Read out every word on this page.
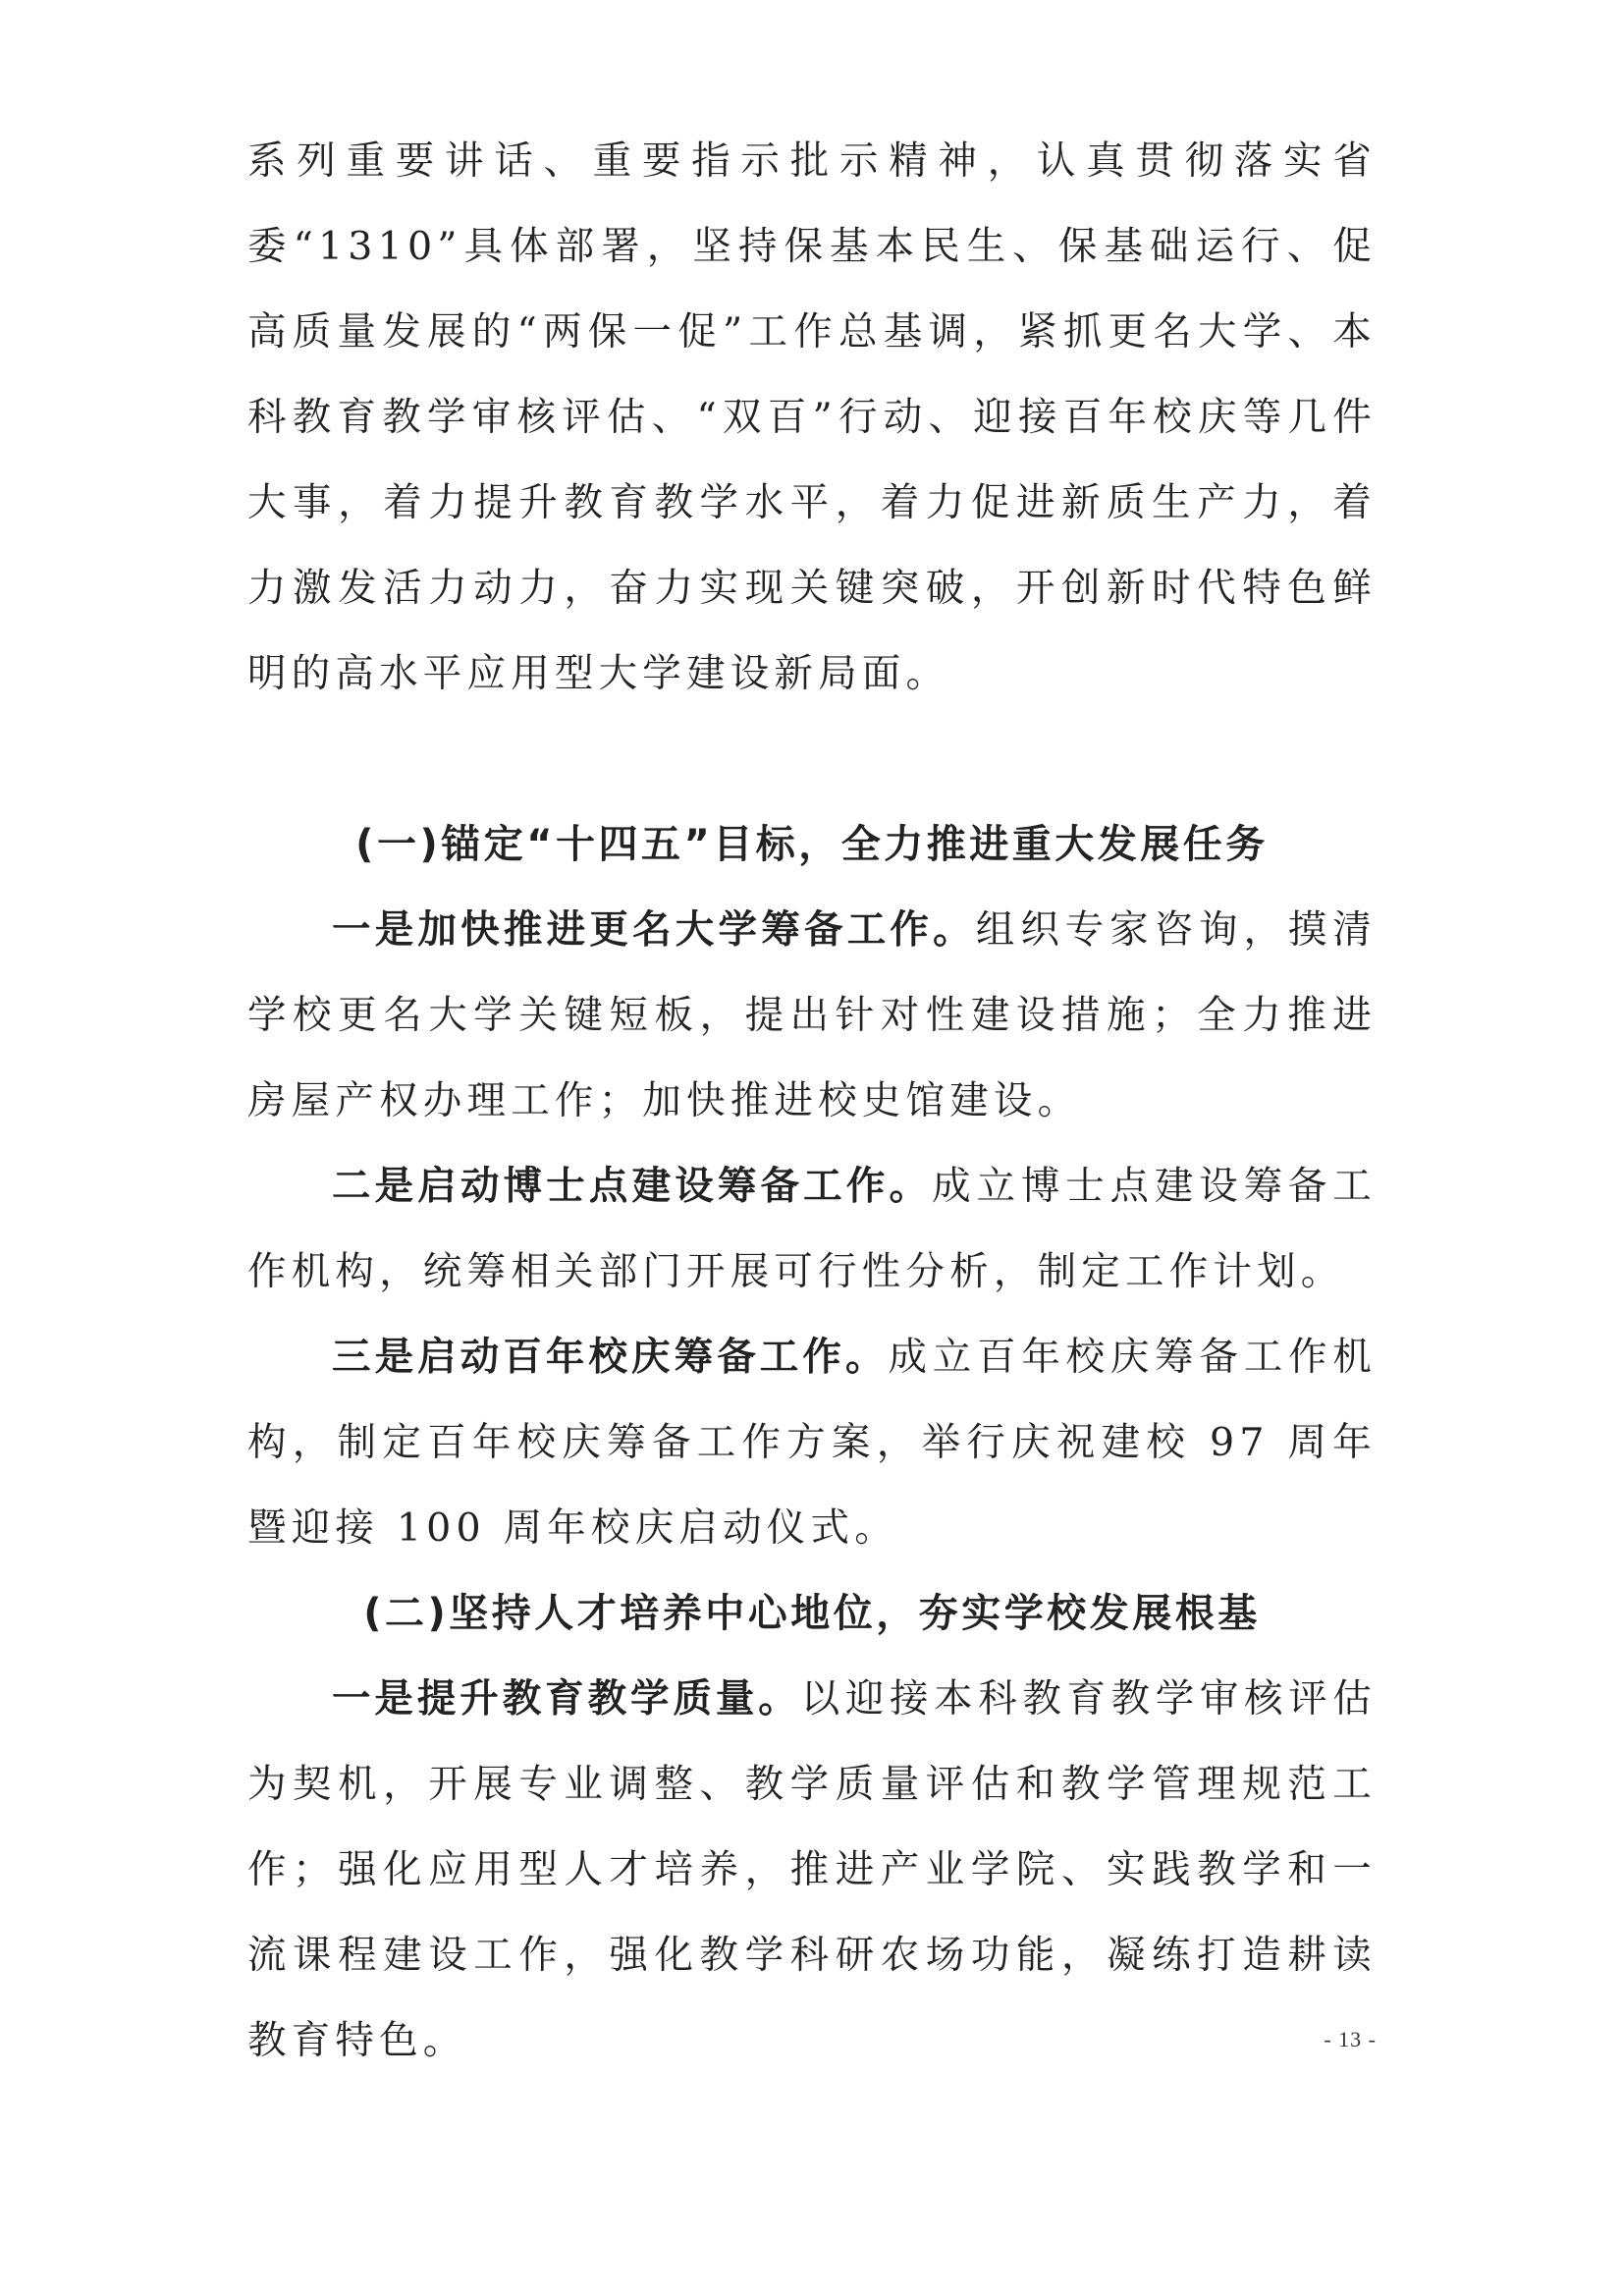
系列重要讲话、重要指示批示精神，认真贯彻落实省委“1310”具体部署，坚持保基本民生、保基础运行、促高质量发展的“两保一促”工作总基调，紧抓更名大学、本科教育教学审核评估、“双百”行动、迎接百年校庆等几件大事，着力提升教育教学水平，着力促进新质生产力，着力激发活力动力，奋力实现关键突破，开创新时代特色鲜明的高水平应用型大学建设新局面。

(一)锚定“十四五”目标，全力推进重大发展任务

一是加快推进更名大学筹备工作。组织专家咨询，摸清学校更名大学关键短板，提出针对性建设措施；全力推进房屋产权办理工作；加快推进校史馆建设。

二是启动博士点建设筹备工作。成立博士点建设筹备工作机构，统筹相关部门开展可行性分析，制定工作计划。

三是启动百年校庆筹备工作。成立百年校庆筹备工作机构，制定百年校庆筹备工作方案，举行庆祝建校 97 周年暨迎接 100 周年校庆启动仪式。

(二)坚持人才培养中心地位，夯实学校发展根基

一是提升教育教学质量。以迎接本科教育教学审核评估为契机，开展专业调整、教学质量评估和教学管理规范工作；强化应用型人才培养，推进产业学院、实践教学和一流课程建设工作，强化教学科研农场功能，凝练打造耕读教育特色。	- 13 -
